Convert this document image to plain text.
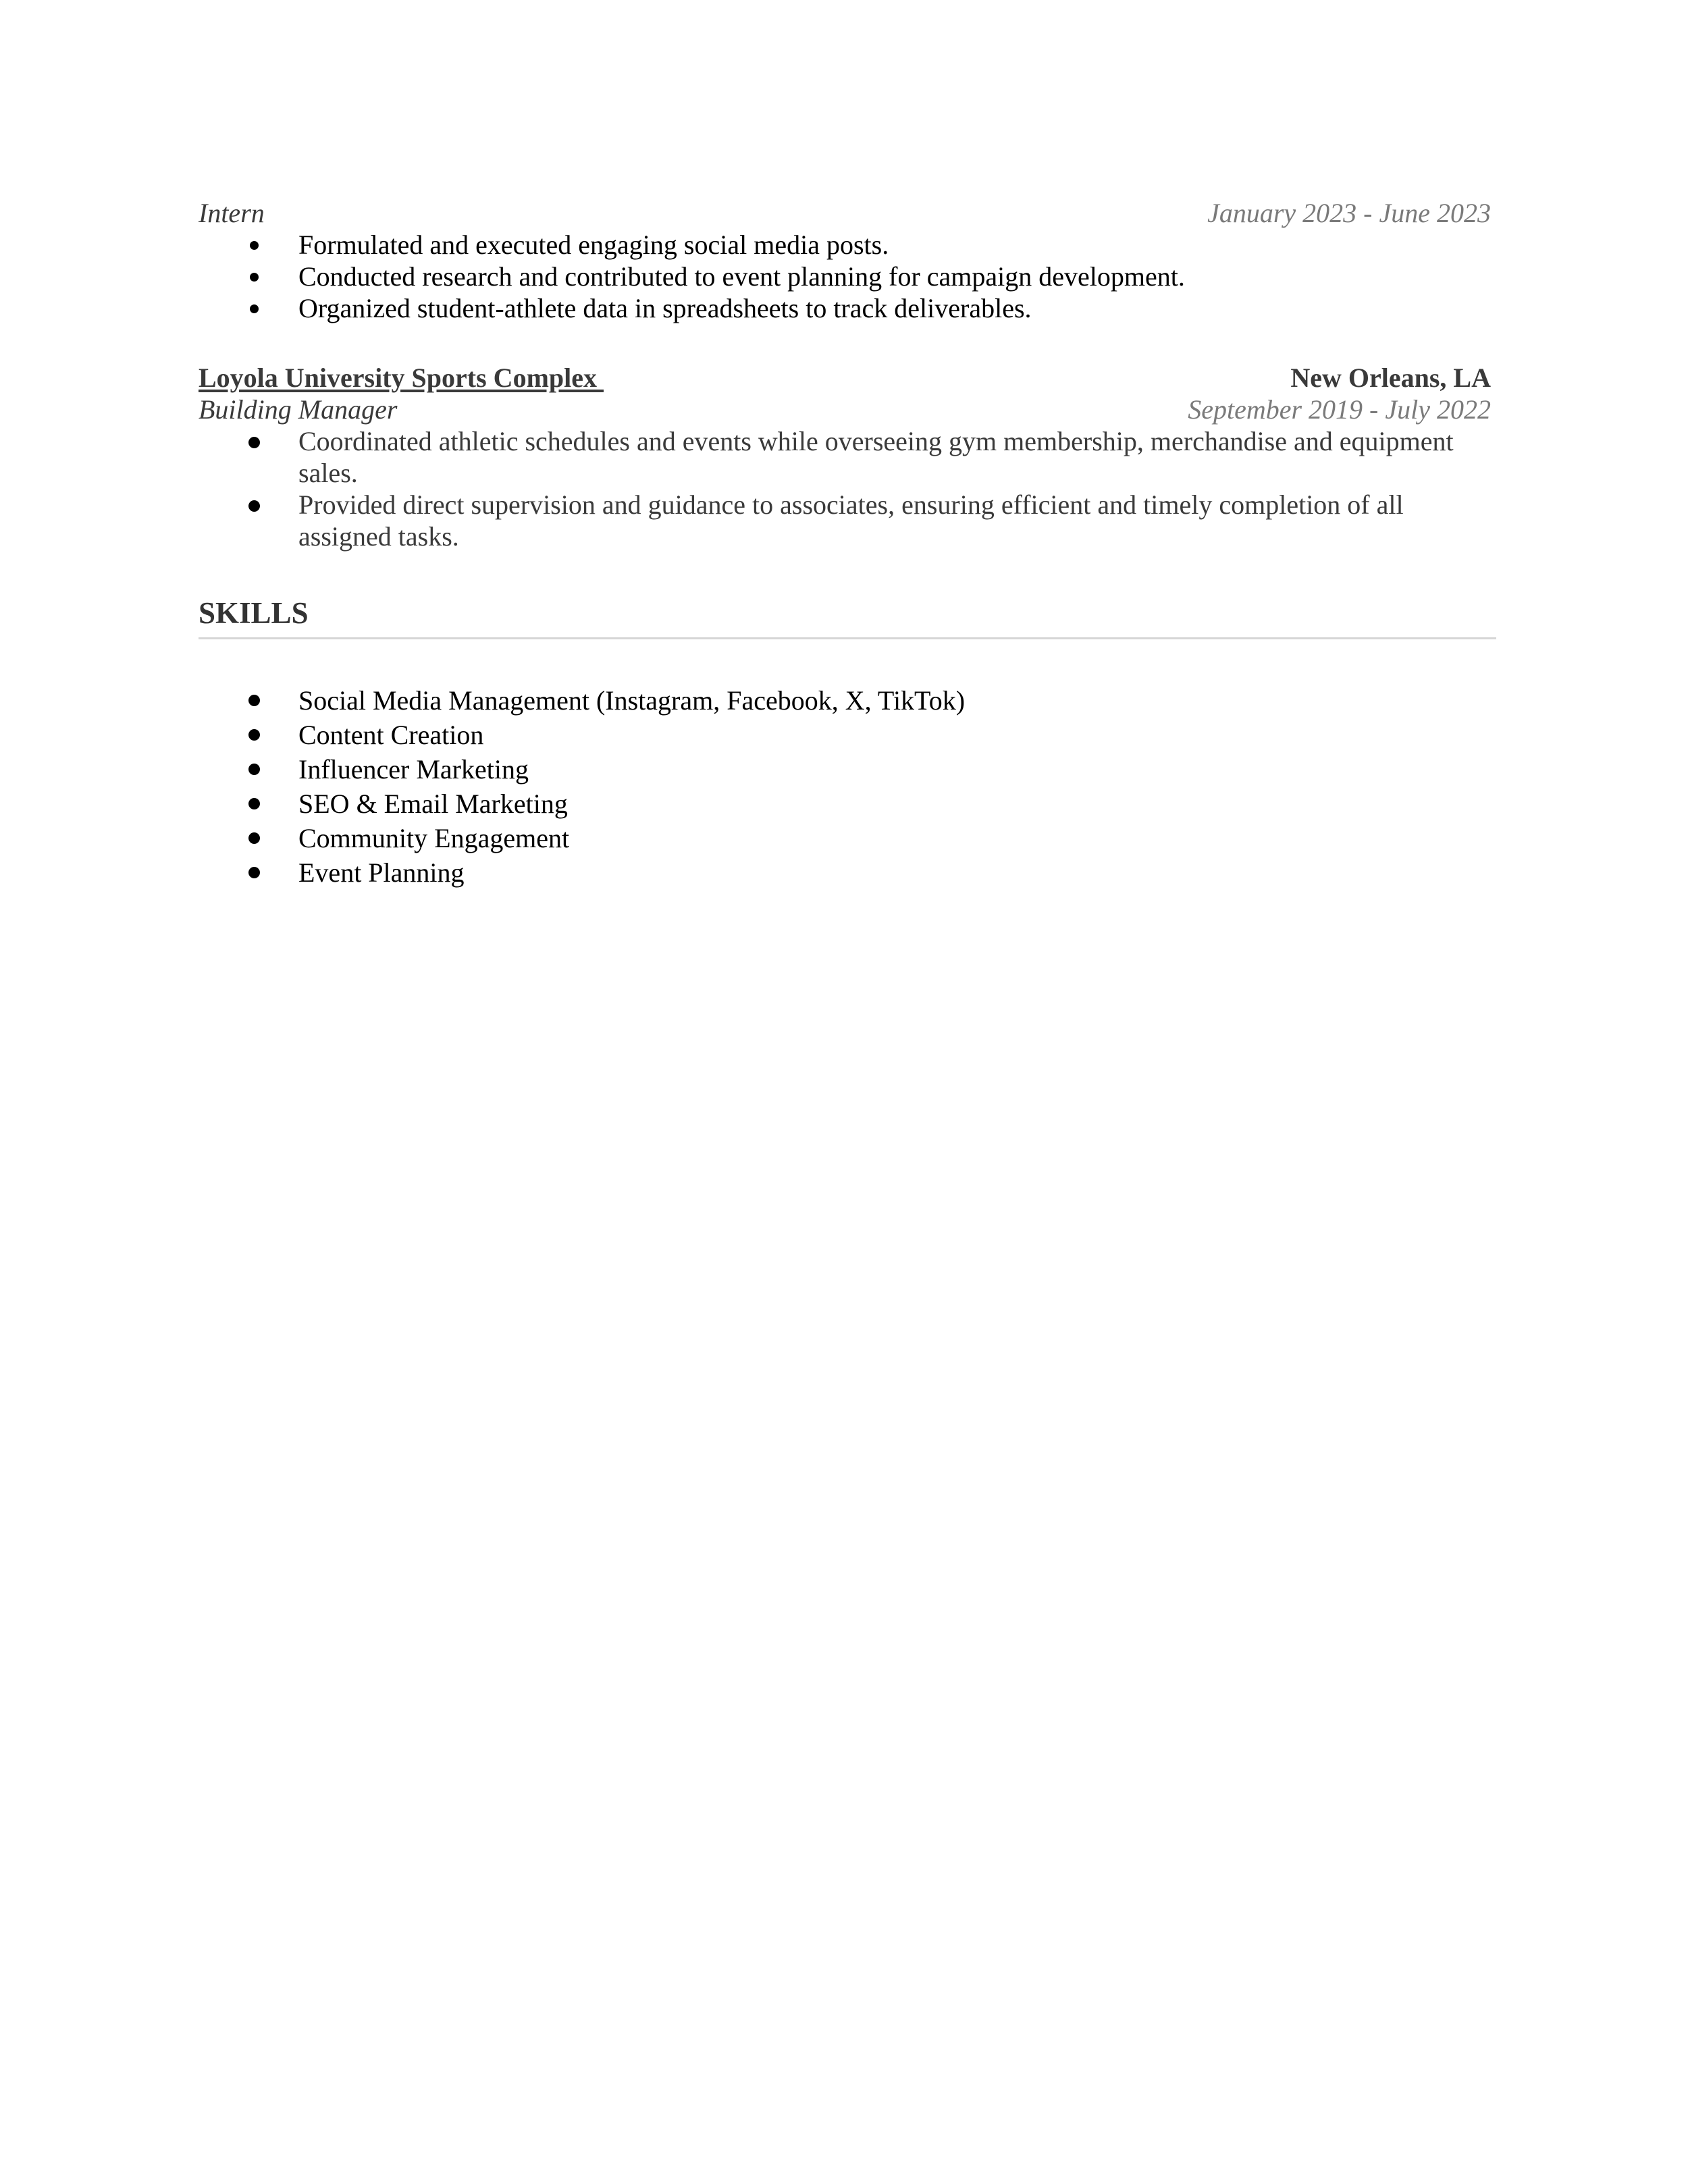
Intern	January 2023 - June 2023
Formulated and executed engaging social media posts.
Conducted research and contributed to event planning for campaign development.
Organized student-athlete data in spreadsheets to track deliverables.
Loyola University Sports Complex	New Orleans, LA
Building Manager	September 2019 - July 2022
Coordinated athletic schedules and events while overseeing gym membership, merchandise and equipment sales.
Provided direct supervision and guidance to associates, ensuring efficient and timely completion of all assigned tasks.
SKILLS
Social Media Management (Instagram, Facebook, X, TikTok)
Content Creation
Influencer Marketing
SEO & Email Marketing
Community Engagement
Event Planning
